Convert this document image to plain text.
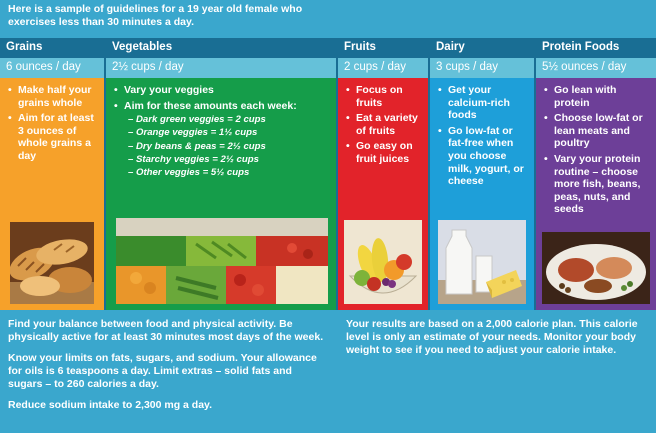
Here is a sample of guidelines for a 19 year old female who
exercises less than 30 minutes a day.
Grains
6 ounces / day
• Make half your grains whole
• Aim for at least 3 ounces of whole grains a day
Vegetables
2½ cups / day
• Vary your veggies
• Aim for these amounts each week:
– Dark green veggies = 2 cups
– Orange veggies = 1½ cups
– Dry beans & peas = 2½ cups
– Starchy veggies = 2½ cups
– Other veggies = 5½ cups
Fruits
2 cups / day
• Focus on fruits
• Eat a variety of fruits
• Go easy on fruit juices
Dairy
3 cups / day
• Get your calcium-rich foods
• Go low-fat or fat-free when you choose milk, yogurt, or cheese
Protein Foods
5½ ounces / day
• Go lean with protein
• Choose low-fat or lean meats and poultry
• Vary your protein routine – choose more fish, beans, peas, nuts, and seeds

Find your balance between food and physical activity. Be physically active for at least 30 minutes most days of the week.

Know your limits on fats, sugars, and sodium. Your allowance for oils is 6 teaspoons a day. Limit extras – solid fats and sugars – to 260 calories a day.

Reduce sodium intake to 2,300 mg a day.

Your results are based on a 2,000 calorie plan. This calorie level is only an estimate of your needs. Monitor your body weight to see if you need to adjust your calorie intake.
